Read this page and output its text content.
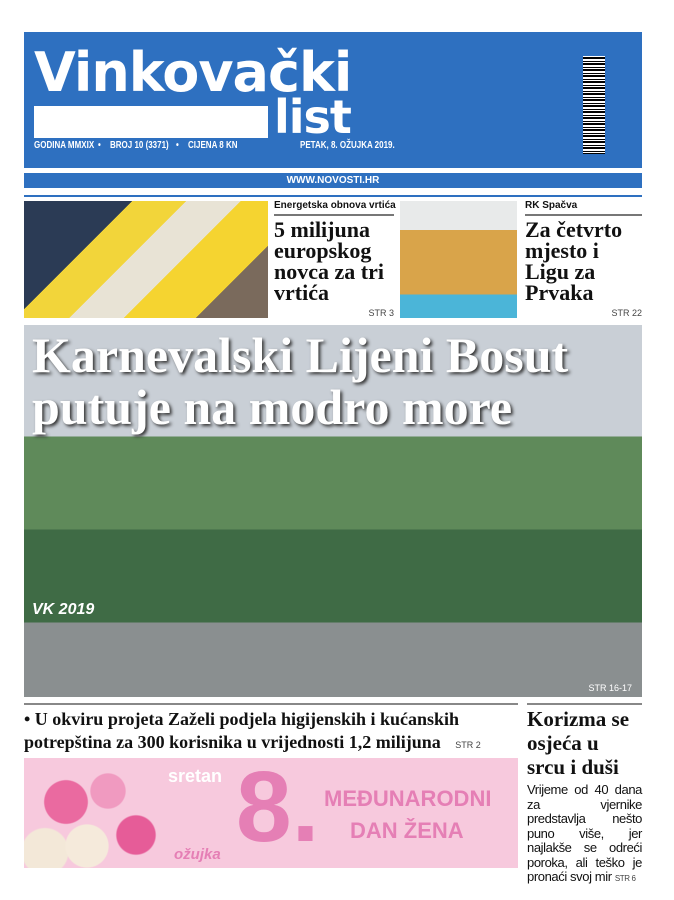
Vinkovački
list
GODINA MMXIX • BROJ 10 (3371) • CIJENA 8 KN	PETAK, 8. OŽUJKA 2019.
WWW.NOVOSTI.HR
Energetska obnova vrtića
5 milijuna europskog novca za tri vrtića
STR 3
RK Spačva
Za četvrto mjesto i Ligu za Prvaka
STR 22
Karnevalski Lijeni Bosut putuje na modro more
VK 2019
STR 16-17
• U okviru projeta Zaželi podjela higijenskih i kućanskih potrepština za 300 korisnika u vrijednosti 1,2 milijuna STR 2
sretan 8. MEĐUNARODNI
DAN ŽENA
ožujka
Korizma se osjeća u srcu i duši
Vrijeme od 40 dana za vjernike predstavlja nešto puno više, jer najlakše se odreći poroka, ali teško je pronaći svoj mir STR 6
